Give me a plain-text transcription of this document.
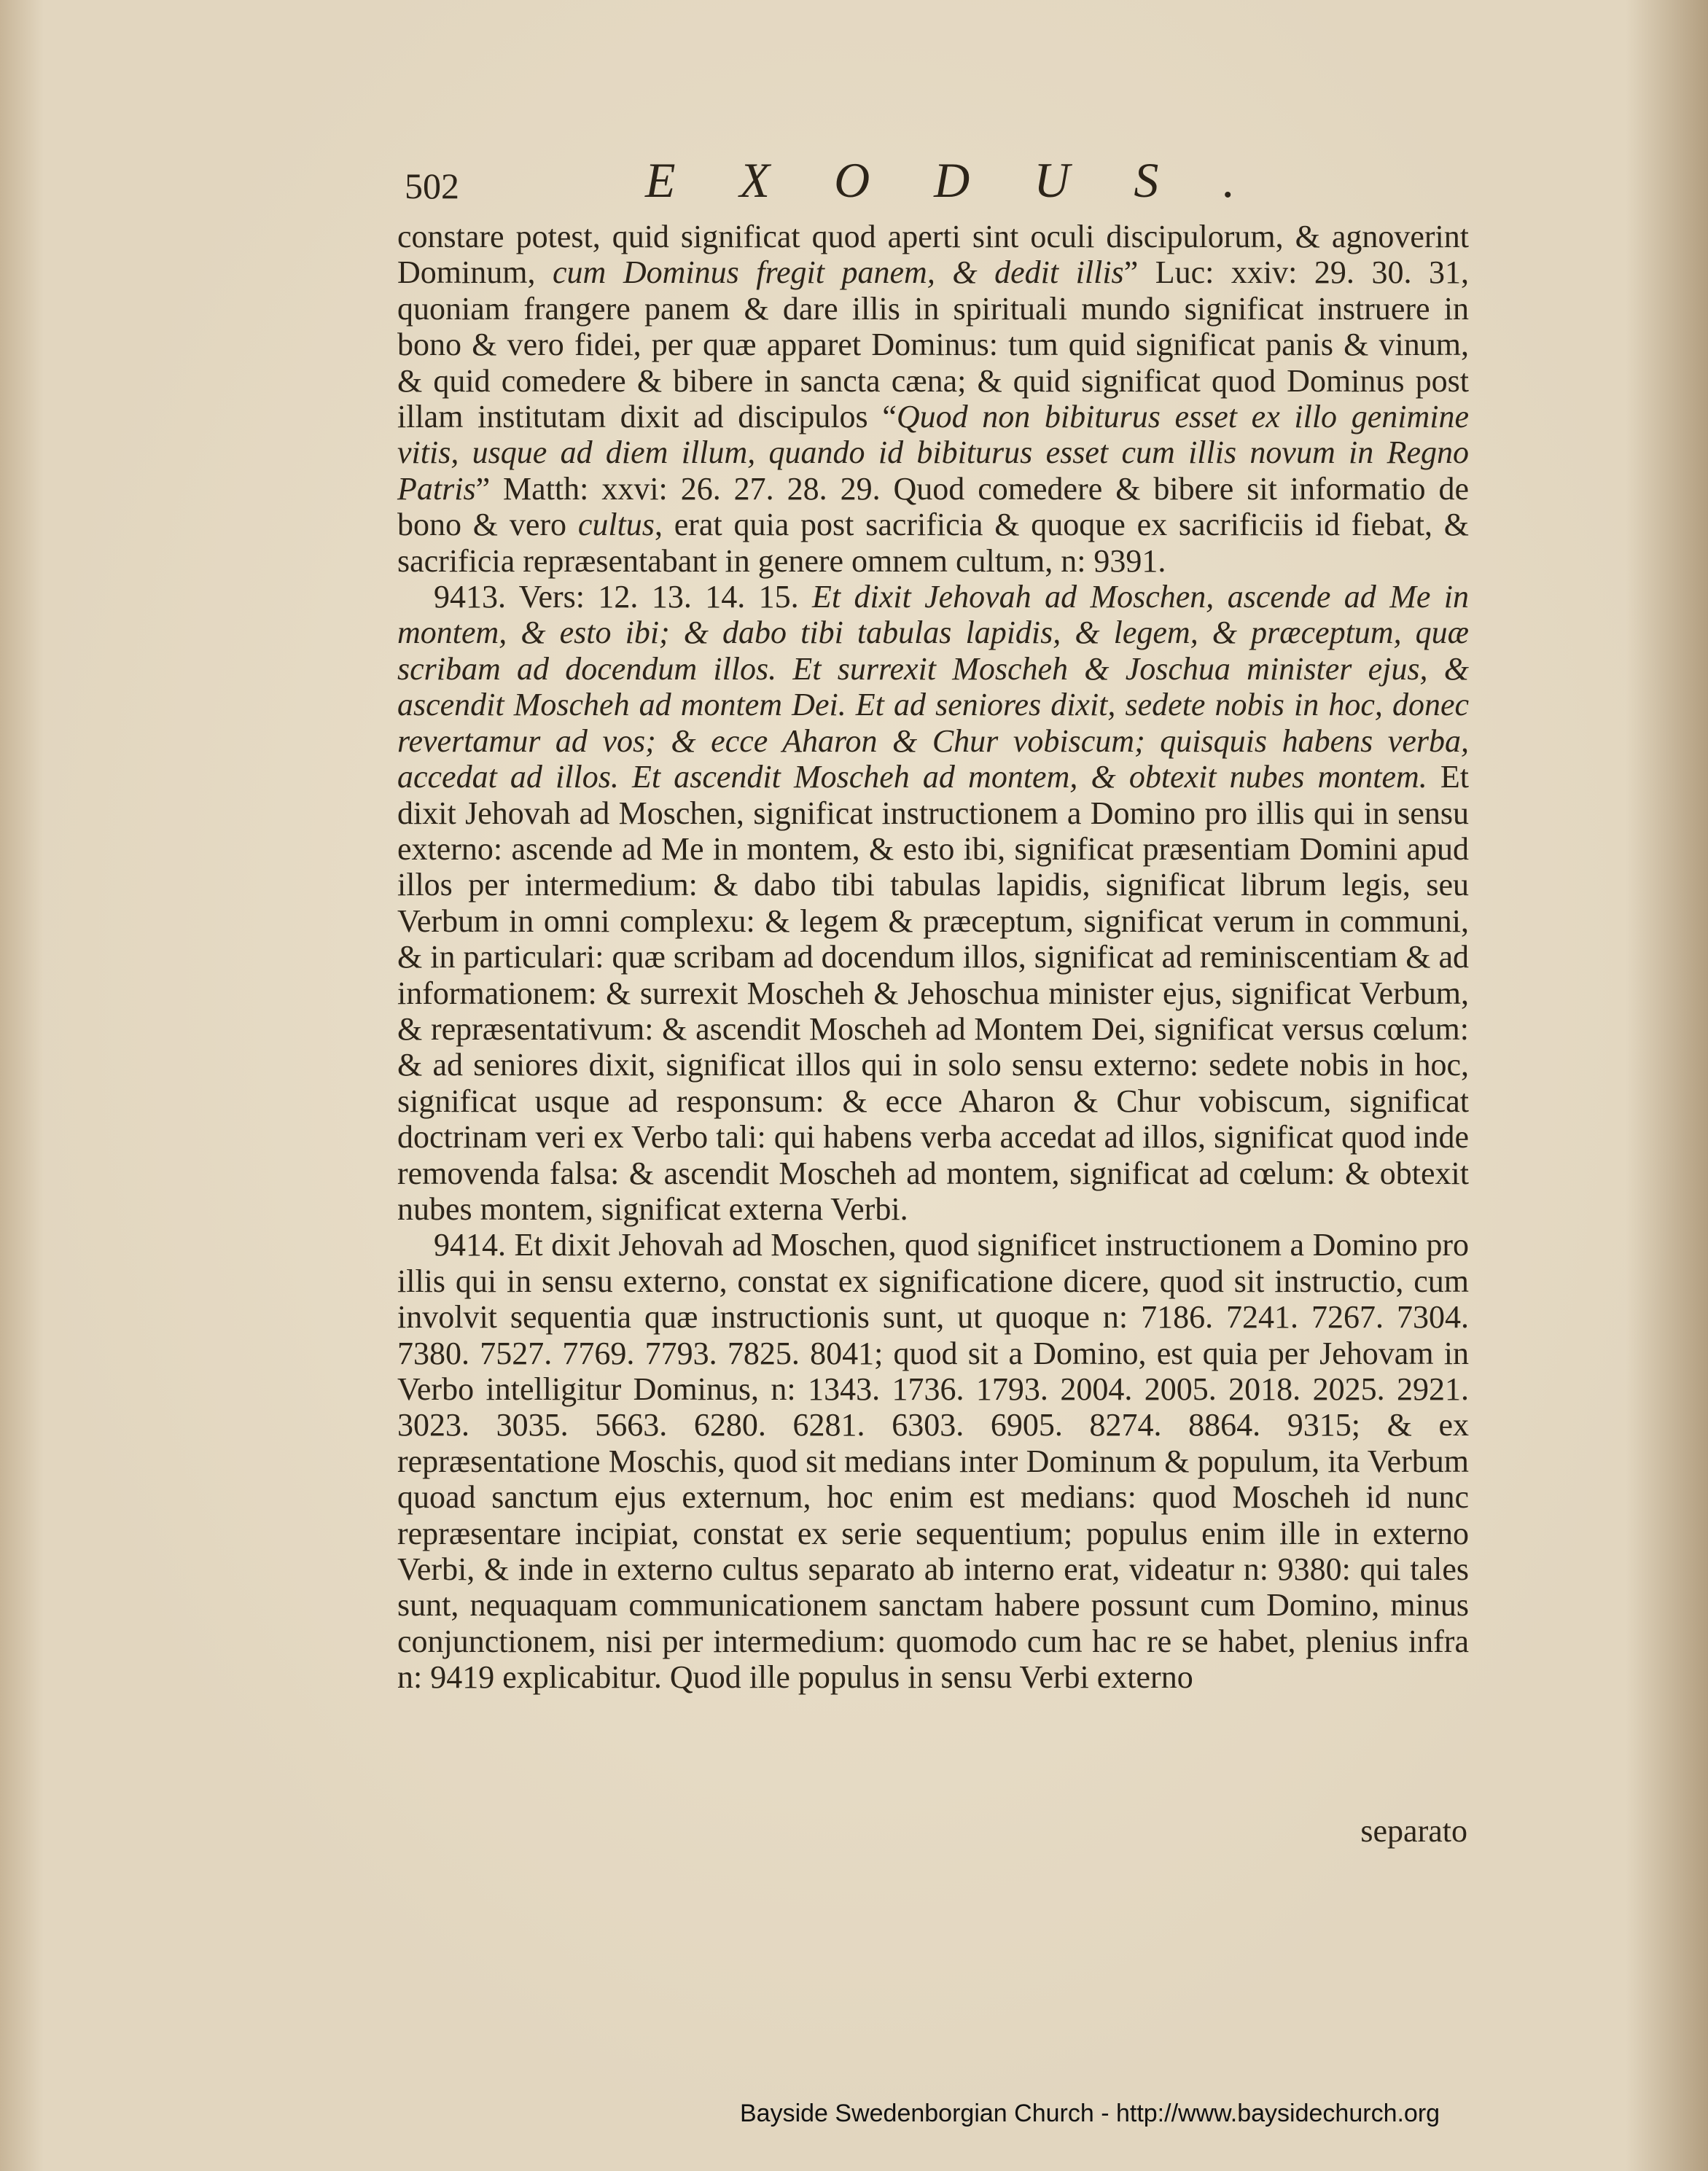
502	EXODUS.

constare potest, quid significat quod aperti sint oculi discipulorum, & agnoverint Dominum, cum Dominus fregit panem, & dedit illis” Luc: xxiv: 29. 30. 31, quoniam frangere panem & dare illis in spirituali mundo significat instruere in bono & vero fidei, per quæ apparet Dominus: tum quid significat panis & vinum, & quid comedere & bibere in sancta cæna; & quid significat quod Dominus post illam institutam dixit ad discipulos “Quod non bibiturus esset ex illo genimine vitis, usque ad diem illum, quando id bibiturus esset cum illis novum in Regno Patris” Matth: xxvi: 26. 27. 28. 29. Quod comedere & bibere sit informatio de bono & vero cultus, erat quia post sacrificia & quoque ex sacrificiis id fiebat, & sacrificia repræsentabant in genere omnem cultum, n: 9391.

9413. Vers: 12. 13. 14. 15. Et dixit Jehovah ad Moschen, ascende ad Me in montem, & esto ibi; & dabo tibi tabulas lapidis, & legem, & præceptum, quæ scribam ad docendum illos. Et surrexit Moscheh & Joschua minister ejus, & ascendit Moscheh ad montem Dei. Et ad seniores dixit, sedete nobis in hoc, donec revertamur ad vos; & ecce Aharon & Chur vobiscum; quisquis habens verba, accedat ad illos. Et ascendit Moscheh ad montem, & obtexit nubes montem. Et dixit Jehovah ad Moschen, significat instructionem a Domino pro illis qui in sensu externo: ascende ad Me in montem, & esto ibi, significat præsentiam Domini apud illos per intermedium: & dabo tibi tabulas lapidis, significat librum legis, seu Verbum in omni complexu: & legem & præceptum, significat verum in communi, & in particulari: quæ scribam ad docendum illos, significat ad reminiscentiam & ad informationem: & surrexit Moscheh & Jehoschua minister ejus, significat Verbum, & repræsentativum: & ascendit Moscheh ad Montem Dei, significat versus cœlum: & ad seniores dixit, significat illos qui in solo sensu externo: sedete nobis in hoc, significat usque ad responsum: & ecce Aharon & Chur vobiscum, significat doctrinam veri ex Verbo tali: qui habens verba accedat ad illos, significat quod inde removenda falsa: & ascendit Moscheh ad montem, significat ad cœlum: & obtexit nubes montem, significat externa Verbi.

9414. Et dixit Jehovah ad Moschen, quod significet instructionem a Domino pro illis qui in sensu externo, constat ex significatione dicere, quod sit instructio, cum involvit sequentia quæ instructionis sunt, ut quoque n: 7186. 7241. 7267. 7304. 7380. 7527. 7769. 7793. 7825. 8041; quod sit a Domino, est quia per Jehovam in Verbo intelligitur Dominus, n: 1343. 1736. 1793. 2004. 2005. 2018. 2025. 2921. 3023. 3035. 5663. 6280. 6281. 6303. 6905. 8274. 8864. 9315; & ex repræsentatione Moschis, quod sit medians inter Dominum & populum, ita Verbum quoad sanctum ejus externum, hoc enim est medians: quod Moscheh id nunc repræsentare incipiat, constat ex serie sequentium; populus enim ille in externo Verbi, & inde in externo cultus separato ab interno erat, videatur n: 9380: qui tales sunt, nequaquam communicationem sanctam habere possunt cum Domino, minus conjunctionem, nisi per intermedium: quomodo cum hac re se habet, plenius infra n: 9419 explicabitur. Quod ille populus in sensu Verbi externo

separato
Bayside Swedenborgian Church - http://www.baysidechurch.org
